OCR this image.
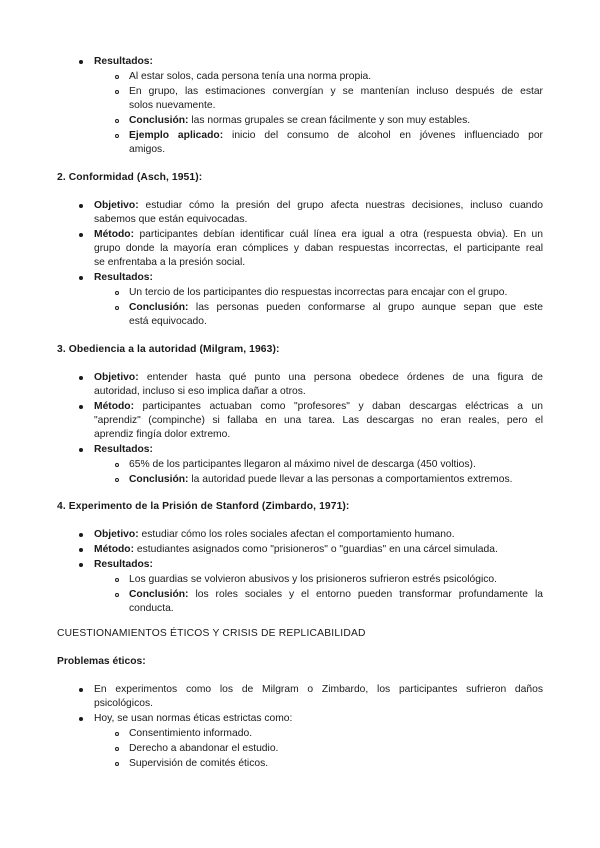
Resultados:
Al estar solos, cada persona tenía una norma propia.
En grupo, las estimaciones convergían y se mantenían incluso después de estar
solos nuevamente.
Conclusión: las normas grupales se crean fácilmente y son muy estables.
Ejemplo aplicado: inicio del consumo de alcohol en jóvenes influenciado por
amigos.
2. Conformidad (Asch, 1951):
Objetivo: estudiar cómo la presión del grupo afecta nuestras decisiones, incluso cuando
sabemos que están equivocadas.
Método: participantes debían identificar cuál línea era igual a otra (respuesta obvia). En un
grupo donde la mayoría eran cómplices y daban respuestas incorrectas, el participante real
se enfrentaba a la presión social.
Resultados:
Un tercio de los participantes dio respuestas incorrectas para encajar con el grupo.
Conclusión: las personas pueden conformarse al grupo aunque sepan que este
está equivocado.
3. Obediencia a la autoridad (Milgram, 1963):
Objetivo: entender hasta qué punto una persona obedece órdenes de una figura de
autoridad, incluso si eso implica dañar a otros.
Método: participantes actuaban como "profesores" y daban descargas eléctricas a un
"aprendiz" (compinche) si fallaba en una tarea. Las descargas no eran reales, pero el
aprendiz fingía dolor extremo.
Resultados:
65% de los participantes llegaron al máximo nivel de descarga (450 voltios).
Conclusión: la autoridad puede llevar a las personas a comportamientos extremos.
4. Experimento de la Prisión de Stanford (Zimbardo, 1971):
Objetivo: estudiar cómo los roles sociales afectan el comportamiento humano.
Método: estudiantes asignados como "prisioneros" o "guardias" en una cárcel simulada.
Resultados:
Los guardias se volvieron abusivos y los prisioneros sufrieron estrés psicológico.
Conclusión: los roles sociales y el entorno pueden transformar profundamente la
conducta.
CUESTIONAMIENTOS ÉTICOS Y CRISIS DE REPLICABILIDAD
Problemas éticos:
En experimentos como los de Milgram o Zimbardo, los participantes sufrieron daños
psicológicos.
Hoy, se usan normas éticas estrictas como:
Consentimiento informado.
Derecho a abandonar el estudio.
Supervisión de comités éticos.
